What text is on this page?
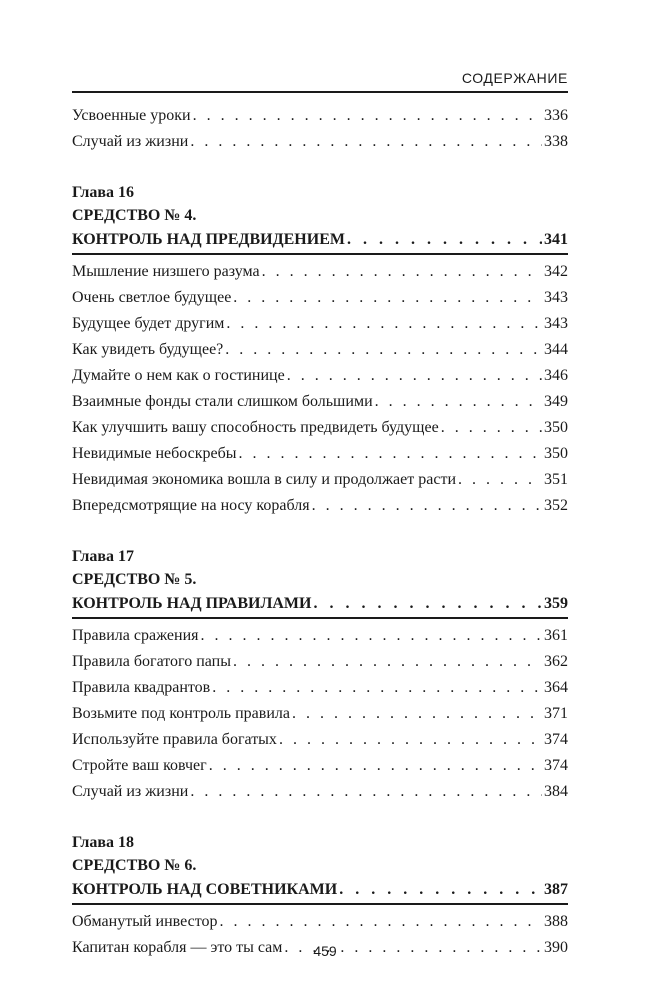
СОДЕРЖАНИЕ
Усвоенные уроки . . .	336
Случай из жизни . . .	338
Глава 16
СРЕДСТВО № 4.
КОНТРОЛЬ НАД ПРЕДВИДЕНИЕМ . . .	341
Мышление низшего разума . . .	342
Очень светлое будущее . . .	343
Будущее будет другим . . .	343
Как увидеть будущее? . . .	344
Думайте о нем как о гостинице . . .	346
Взаимные фонды стали слишком большими . . .	349
Как улучшить вашу способность предвидеть будущее . . .	350
Невидимые небоскребы . . .	350
Невидимая экономика вошла в силу и продолжает расти . . .	351
Впередсмотрящие на носу корабля . . .	352
Глава 17
СРЕДСТВО № 5.
КОНТРОЛЬ НАД ПРАВИЛАМИ . . .	359
Правила сражения . . .	361
Правила богатого папы . . .	362
Правила квадрантов . . .	364
Возьмите под контроль правила . . .	371
Используйте правила богатых . . .	374
Стройте ваш ковчег . . .	374
Случай из жизни . . .	384
Глава 18
СРЕДСТВО № 6.
КОНТРОЛЬ НАД СОВЕТНИКАМИ . . .	387
Обманутый инвестор . . .	388
Капитан корабля — это ты сам . . .	390
459
